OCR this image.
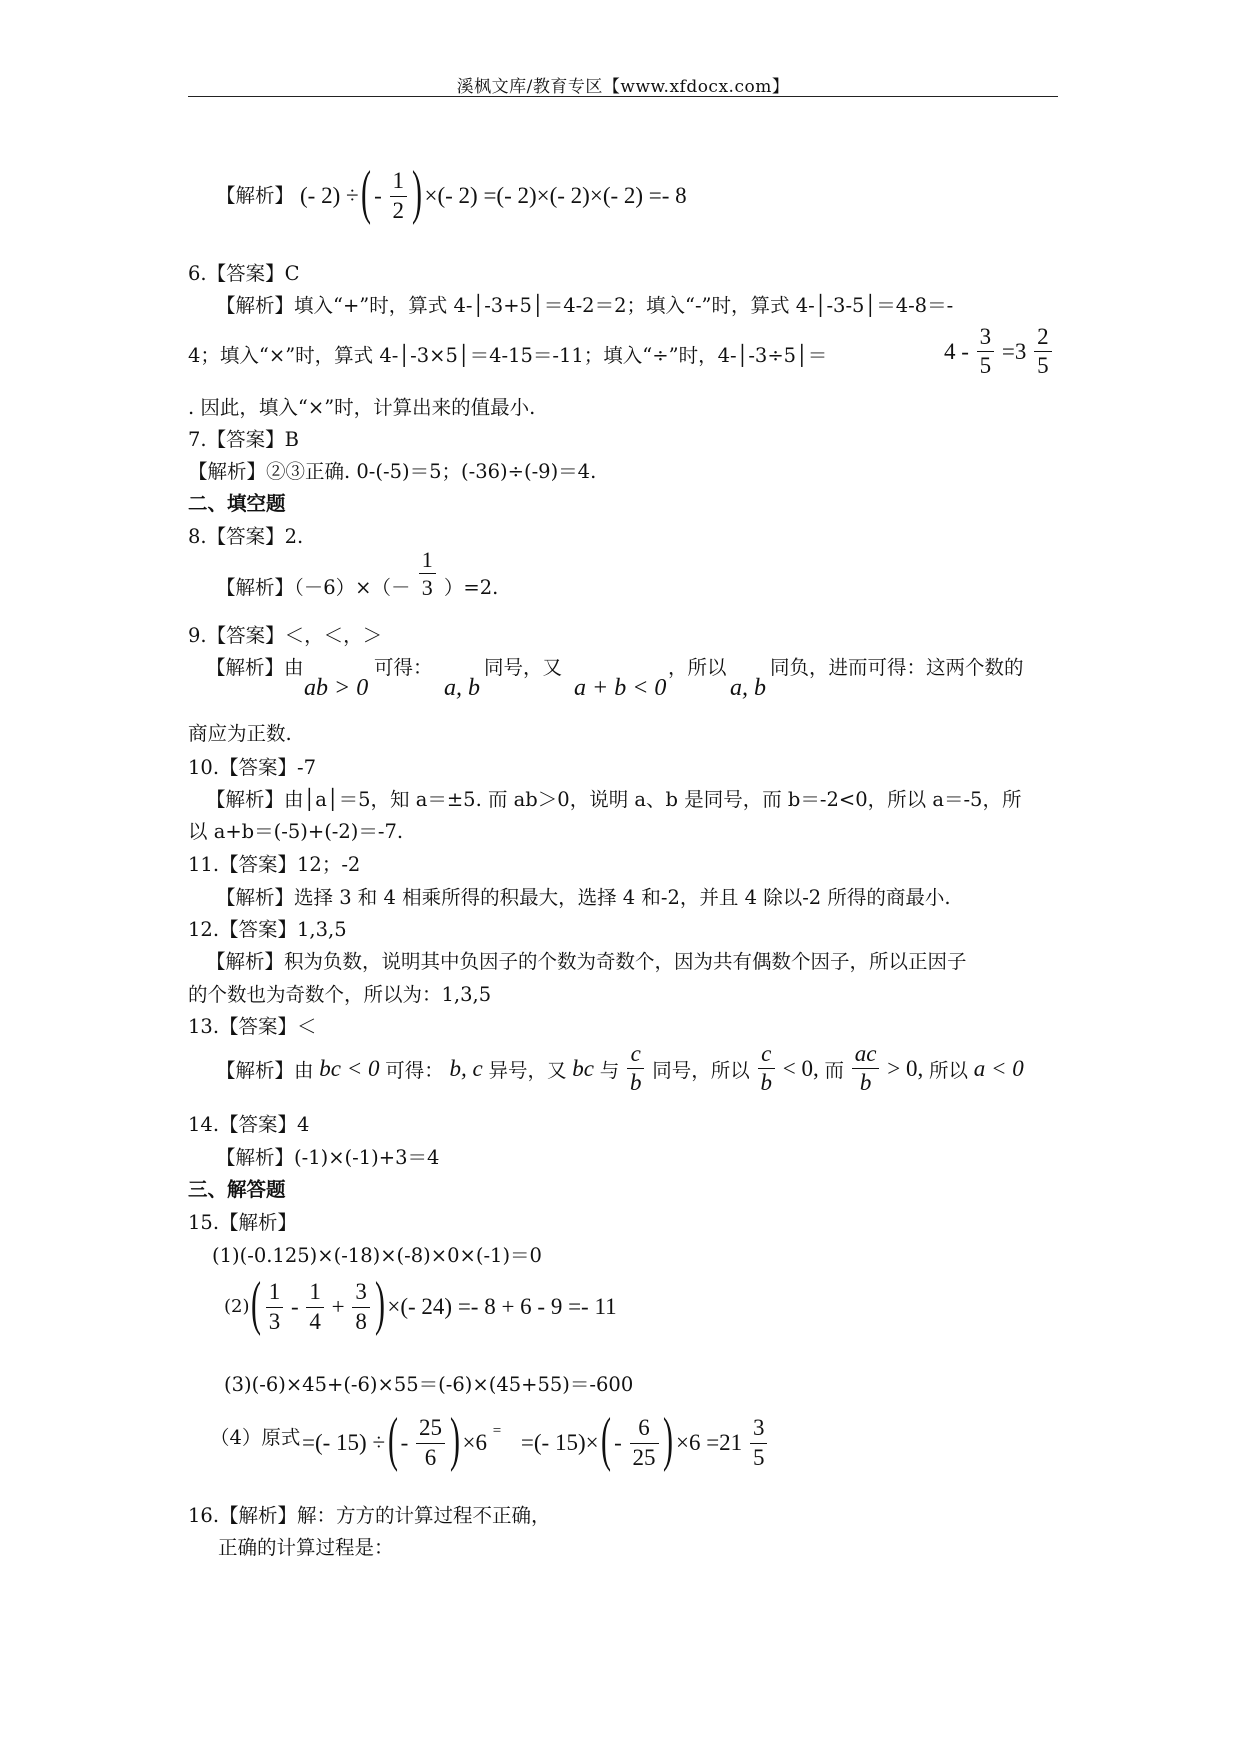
溪枫文库/教育专区【www.xfdocx.com】
【解析】 (- 2) ÷ ( - $\frac{1}{2}$ ) ×(- 2) =(- 2)×(- 2)×(- 2) =- 8
6.【答案】C
【解析】填入“+”时，算式 4-│-3+5│＝4-2＝2；填入“-”时，算式 4-│-3-5│＝4-8＝-
4；填入“×”时，算式 4-│-3×5│＝4-15＝-11；填入“÷”时，4-│-3÷5│＝	$4 - \frac{3}{5} =3 \frac{2}{5}$
. 因此，填入“×”时，计算出来的值最小.
7.【答案】B
【解析】②③正确. 0-(-5)＝5；(-36)÷(-9)＝4.
二、填空题
8.【答案】2.
【解析】$(-6)\times(- \frac{1}{3} )=2$.
9.【答案】＜，＜，＞
【解析】由
ab > 0
可得：
a, b
同号，又
a + b < 0
，所以
a, b
同负，进而可得：这两个数的
商应为正数.
10.【答案】-7
【解析】由│a│＝5，知 a＝±5. 而 ab＞0，说明 a、b 是同号，而 b＝-2<0，所以 a＝-5，所
以 a+b＝(-5)+(-2)＝-7.
11.【答案】12；-2
【解析】选择 3 和 4 相乘所得的积最大，选择 4 和-2，并且 4 除以-2 所得的商最小.
12.【答案】1,3,5
【解析】积为负数，说明其中负因子的个数为奇数个，因为共有偶数个因子，所以正因子
的个数也为奇数个，所以为：1,3,5
13.【答案】＜
【解析】由 bc < 0 可得： b, c 异号，又 bc 与 $\frac{c}{b}$ 同号，所以 $\frac{c}{b} < 0$, 而 $\frac{ac}{b} > 0$, 所以 a < 0
14.【答案】4
【解析】(-1)×(-1)+3＝4
三、解答题
15.【解析】
(1)(-0.125)×(-18)×(-8)×0×(-1)＝0
(2) ( $\frac{1}{3} - \frac{1}{4} + \frac{3}{8}$ ) ×(- 24) =- 8 + 6 - 9 =- 11
(3)(-6)×45+(-6)×55＝(-6)×(45+55)＝-600
（4）原式 =(- 15) ÷ ( - $\frac{25}{6}$ ) ×6 = =(- 15)× ( - $\frac{6}{25}$ ) $\times 6 =21 \frac{3}{5}$
16.【解析】解：方方的计算过程不正确，
正确的计算过程是：
